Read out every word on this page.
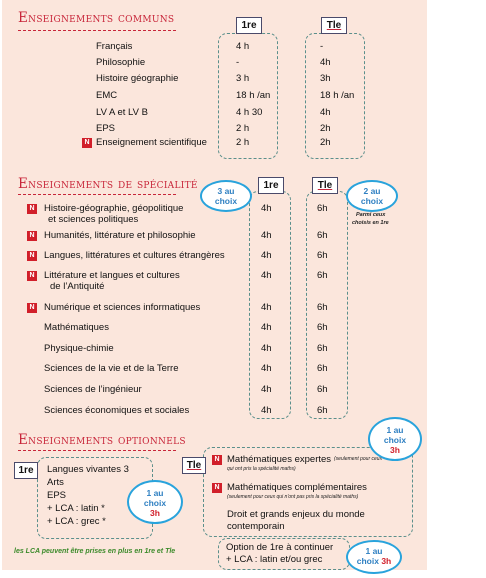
Enseignements communs	1re	Tle
Français	4 h	-
Philosophie	-	4h
Histoire géographie	3 h	3h
EMC	18 h /an	18 h /an
LV A et LV B	4 h 30	4h
EPS	2 h	2h
N Enseignement scientifique	2 h	2h
Enseignements de spécialité	1re	Tle
3 au
choix
2 au
choix
Parmi ceux
choisis en 1re
N Histoire-géographie, géopolitique
et sciences politiques
4h	6h
N Humanités, littérature et philosophie	4h	6h
N Langues, littératures et cultures étrangères	4h	6h
N Littérature et langues et cultures
de l’Antiquité
4h	6h
N Numérique et sciences informatiques	4h	6h
Mathématiques	4h	6h
Physique-chimie	4h	6h
Sciences de la vie et de la Terre	4h	6h
Sciences de l’ingénieur	4h	6h
Sciences économiques et sociales	4h	6h
Enseignements optionnels
1re	Langues vivantes 3
Arts
EPS
+ LCA : latin *
+ LCA : grec *
1 au
choix
3h
Tle
N Mathématiques expertes (seulement pour ceux
qui ont pris la spécialité maths)
N Mathématiques complémentaires
(seulement pour ceux qui n'ont pas pris la spécialité maths)
Droit et grands enjeux du monde
contemporain
1 au
choix
3h
Option de 1re à continuer
+ LCA : latin et/ou grec
1 au
choix 3h
les LCA peuvent être prises en plus en 1re et Tle
